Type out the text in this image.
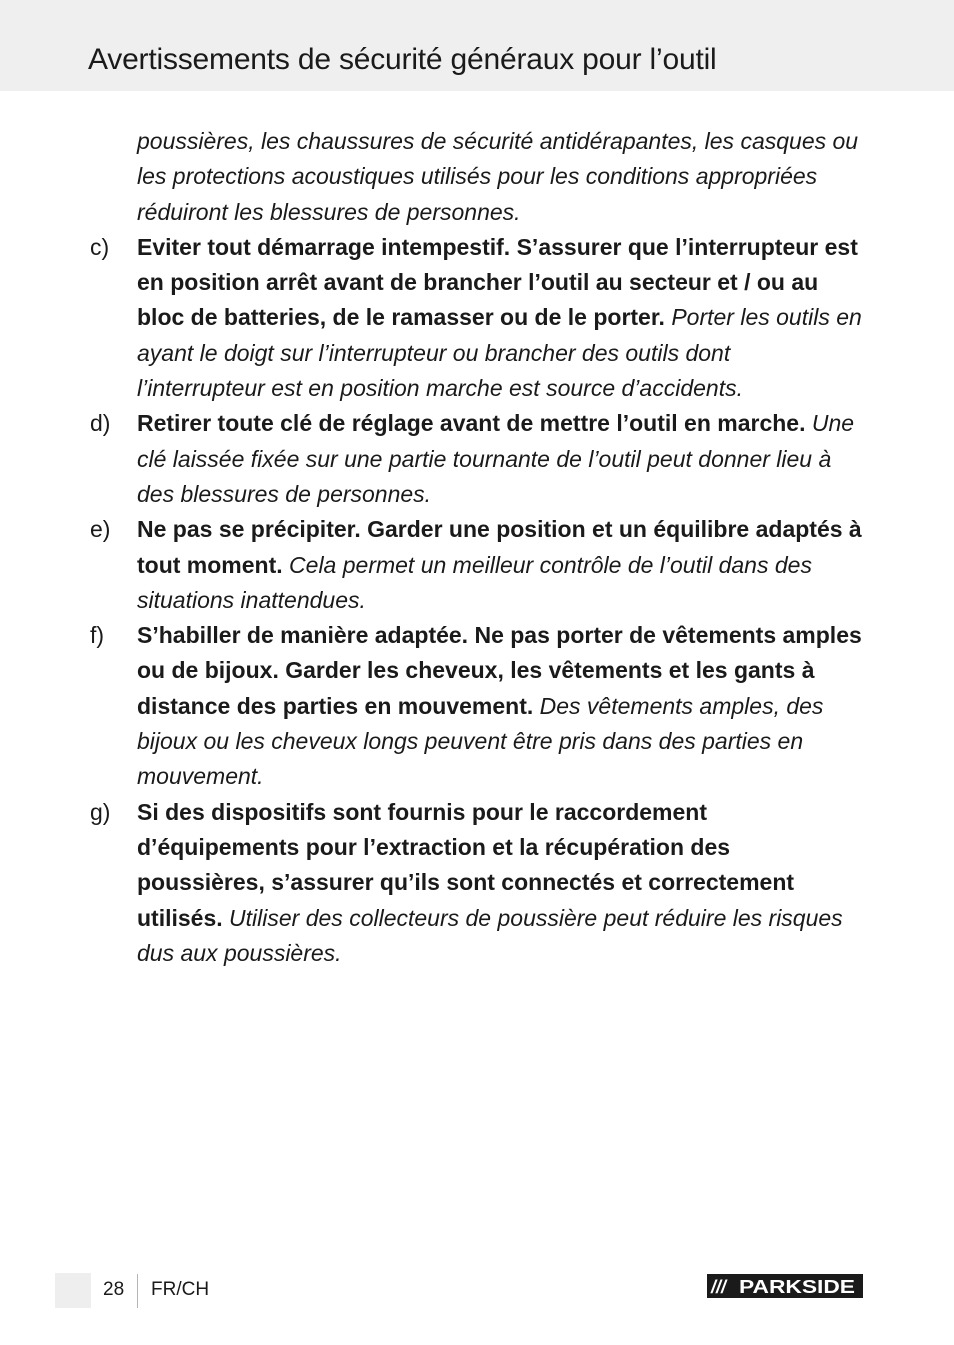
Avertissements de sécurité généraux pour l’outil

poussières, les chaussures de sécurité antidérapantes, les casques ou les protections acoustiques utilisés pour les conditions appropriées réduiront les blessures de personnes.

c) Eviter tout démarrage intempestif. S’assurer que l’interrupteur est en position arrêt avant de brancher l’outil au secteur et / ou au bloc de batteries, de le ramasser ou de le porter. Porter les outils en ayant le doigt sur l’interrupteur ou brancher des outils dont l’interrupteur est en position marche est source d’accidents.
d) Retirer toute clé de réglage avant de mettre l’outil en marche. Une clé laissée fixée sur une partie tournante de l’outil peut donner lieu à des blessures de personnes.
e) Ne pas se précipiter. Garder une position et un équilibre adaptés à tout moment. Cela permet un meilleur contrôle de l’outil dans des situations inattendues.
f) S’habiller de manière adaptée. Ne pas porter de vêtements amples ou de bijoux. Garder les cheveux, les vêtements et les gants à distance des parties en mouvement. Des vêtements amples, des bijoux ou les cheveux longs peuvent être pris dans des parties en mouvement.
g) Si des dispositifs sont fournis pour le raccordement d’équipements pour l’extraction et la récupération des poussières, s’assurer qu’ils sont connectés et correctement utilisés. Utiliser des collecteurs de poussière peut réduire les risques dus aux poussières.
28 FR/CH	/// PARKSIDE
